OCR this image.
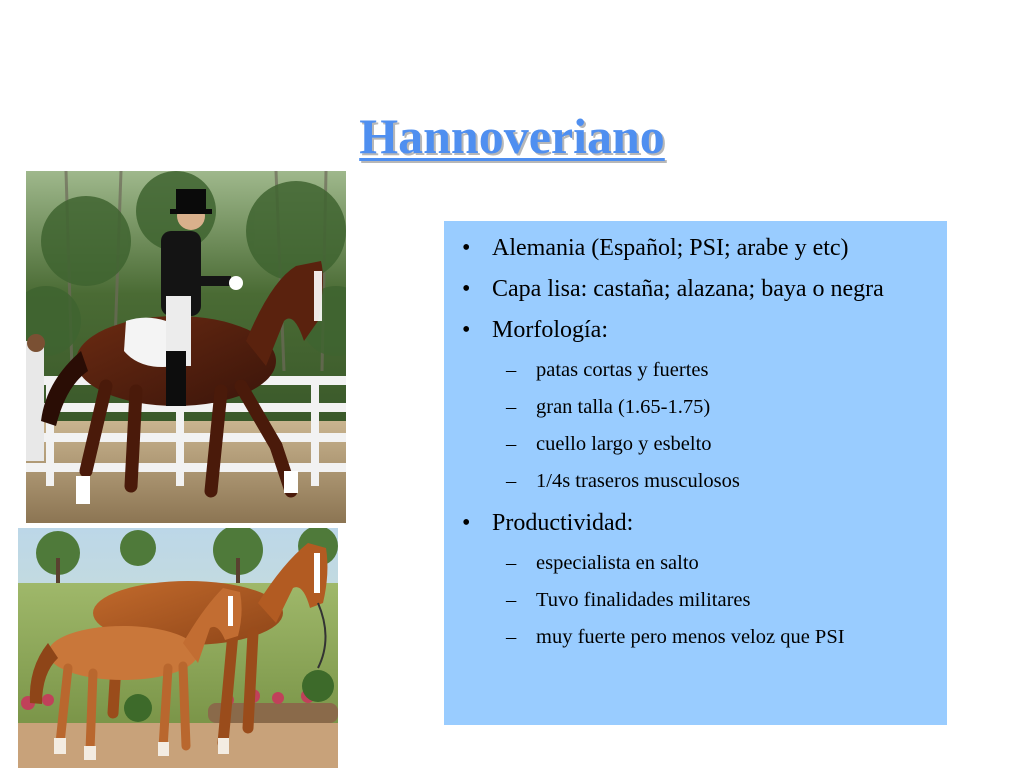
Hannoveriano
• Alemania (Español; PSI; arabe y etc)
• Capa lisa: castaña; alazana; baya o negra
• Morfología:
– patas cortas y fuertes
– gran talla (1.65-1.75)
– cuello largo y esbelto
– 1/4s traseros musculosos
• Productividad:
– especialista en salto
– Tuvo finalidades militares
– muy fuerte pero menos veloz que PSI
